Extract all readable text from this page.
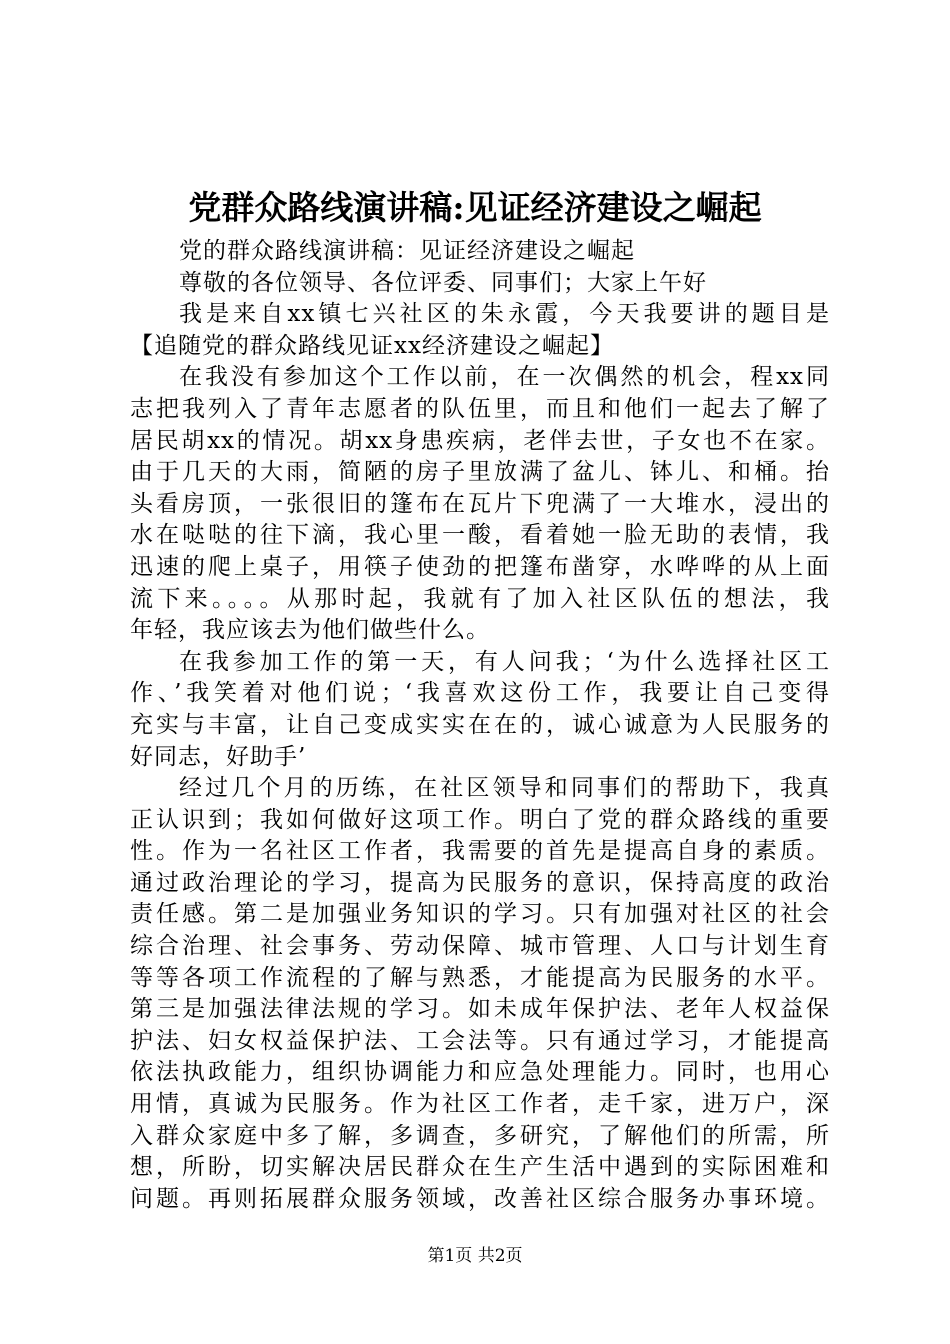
党群众路线演讲稿:见证经济建设之崛起
党的群众路线演讲稿：见证经济建设之崛起
尊敬的各位领导、各位评委、同事们；大家上午好
我是来自xx镇七兴社区的朱永霞，今天我要讲的题目是
【追随党的群众路线见证xx经济建设之崛起】
在我没有参加这个工作以前，在一次偶然的机会，程xx同
志把我列入了青年志愿者的队伍里，而且和他们一起去了解了
居民胡xx的情况。胡xx身患疾病，老伴去世，子女也不在家。
由于几天的大雨，简陋的房子里放满了盆儿、钵儿、和桶。抬
头看房顶，一张很旧的篷布在瓦片下兜满了一大堆水，浸出的
水在哒哒的往下滴，我心里一酸，看着她一脸无助的表情，我
迅速的爬上桌子，用筷子使劲的把篷布凿穿，水哗哗的从上面
流下来。。。。从那时起，我就有了加入社区队伍的想法，我
年轻，我应该去为他们做些什么。
在我参加工作的第一天，有人问我；‘为什么选择社区工
作、’我笑着对他们说；‘我喜欢这份工作，我要让自己变得
充实与丰富，让自己变成实实在在的，诚心诚意为人民服务的
好同志，好助手’
经过几个月的历练，在社区领导和同事们的帮助下，我真
正认识到；我如何做好这项工作。明白了党的群众路线的重要
性。作为一名社区工作者，我需要的首先是提高自身的素质。
通过政治理论的学习，提高为民服务的意识，保持高度的政治
责任感。第二是加强业务知识的学习。只有加强对社区的社会
综合治理、社会事务、劳动保障、城市管理、人口与计划生育
等等各项工作流程的了解与熟悉，才能提高为民服务的水平。
第三是加强法律法规的学习。如未成年保护法、老年人权益保
护法、妇女权益保护法、工会法等。只有通过学习，才能提高
依法执政能力，组织协调能力和应急处理能力。同时，也用心
用情，真诚为民服务。作为社区工作者，走千家，进万户，深
入群众家庭中多了解，多调查，多研究，了解他们的所需，所
想，所盼，切实解决居民群众在生产生活中遇到的实际困难和
问题。再则拓展群众服务领域，改善社区综合服务办事环境。
第1页 共2页
